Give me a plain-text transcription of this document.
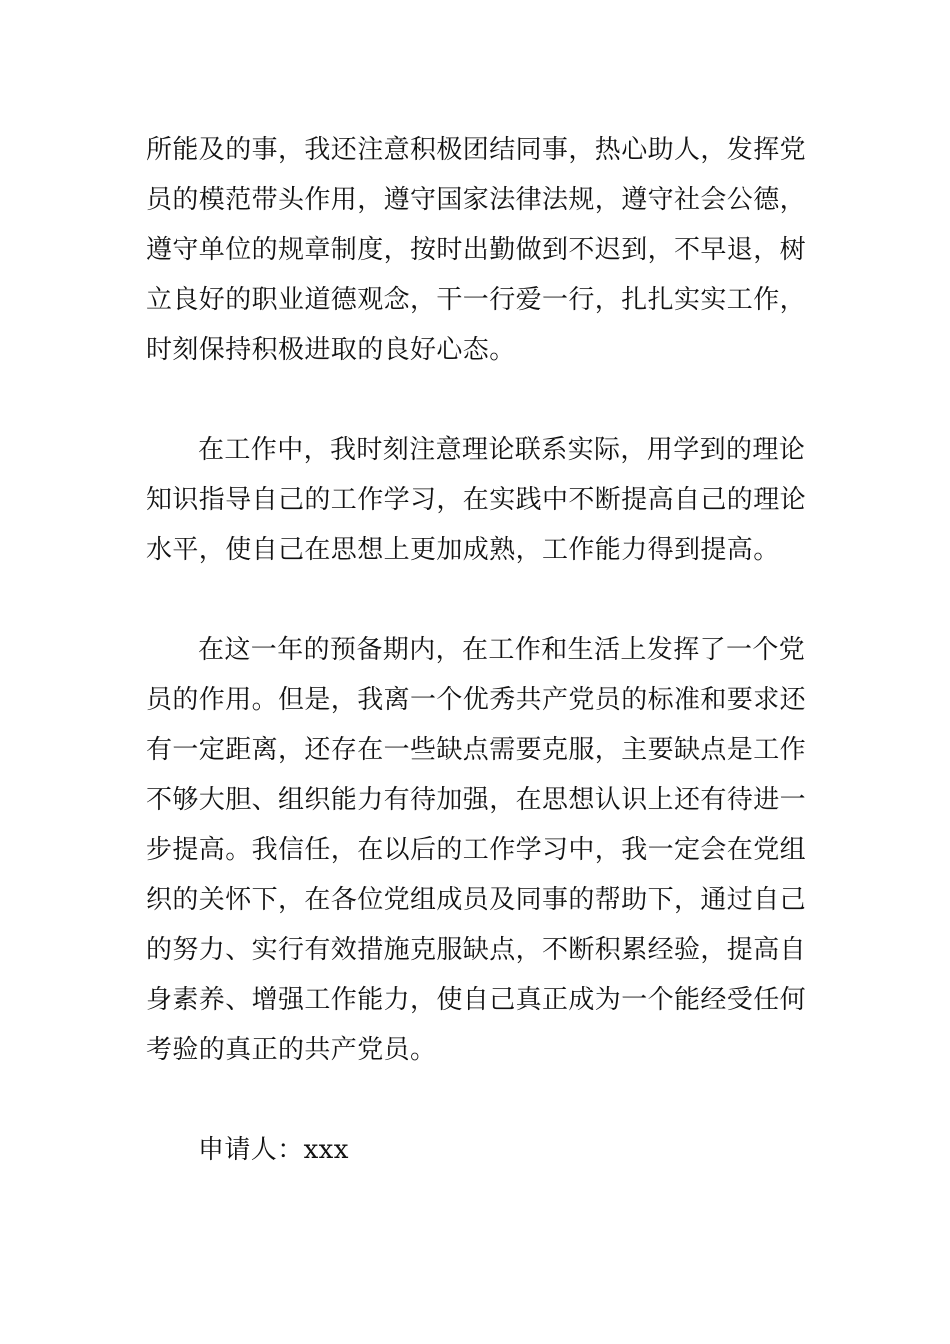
所能及的事，我还注意积极团结同事，热心助人，发挥党
员的模范带头作用，遵守国家法律法规，遵守社会公德，
遵守单位的规章制度，按时出勤做到不迟到，不早退，树
立良好的职业道德观念，干一行爱一行，扎扎实实工作，
时刻保持积极进取的良好心态。
在工作中，我时刻注意理论联系实际，用学到的理论
知识指导自己的工作学习，在实践中不断提高自己的理论
水平，使自己在思想上更加成熟，工作能力得到提高。
在这一年的预备期内，在工作和生活上发挥了一个党
员的作用。但是，我离一个优秀共产党员的标准和要求还
有一定距离，还存在一些缺点需要克服，主要缺点是工作
不够大胆、组织能力有待加强，在思想认识上还有待进一
步提高。我信任，在以后的工作学习中，我一定会在党组
织的关怀下，在各位党组成员及同事的帮助下，通过自己
的努力、实行有效措施克服缺点，不断积累经验，提高自
身素养、增强工作能力，使自己真正成为一个能经受任何
考验的真正的共产党员。
申请人：xxx
